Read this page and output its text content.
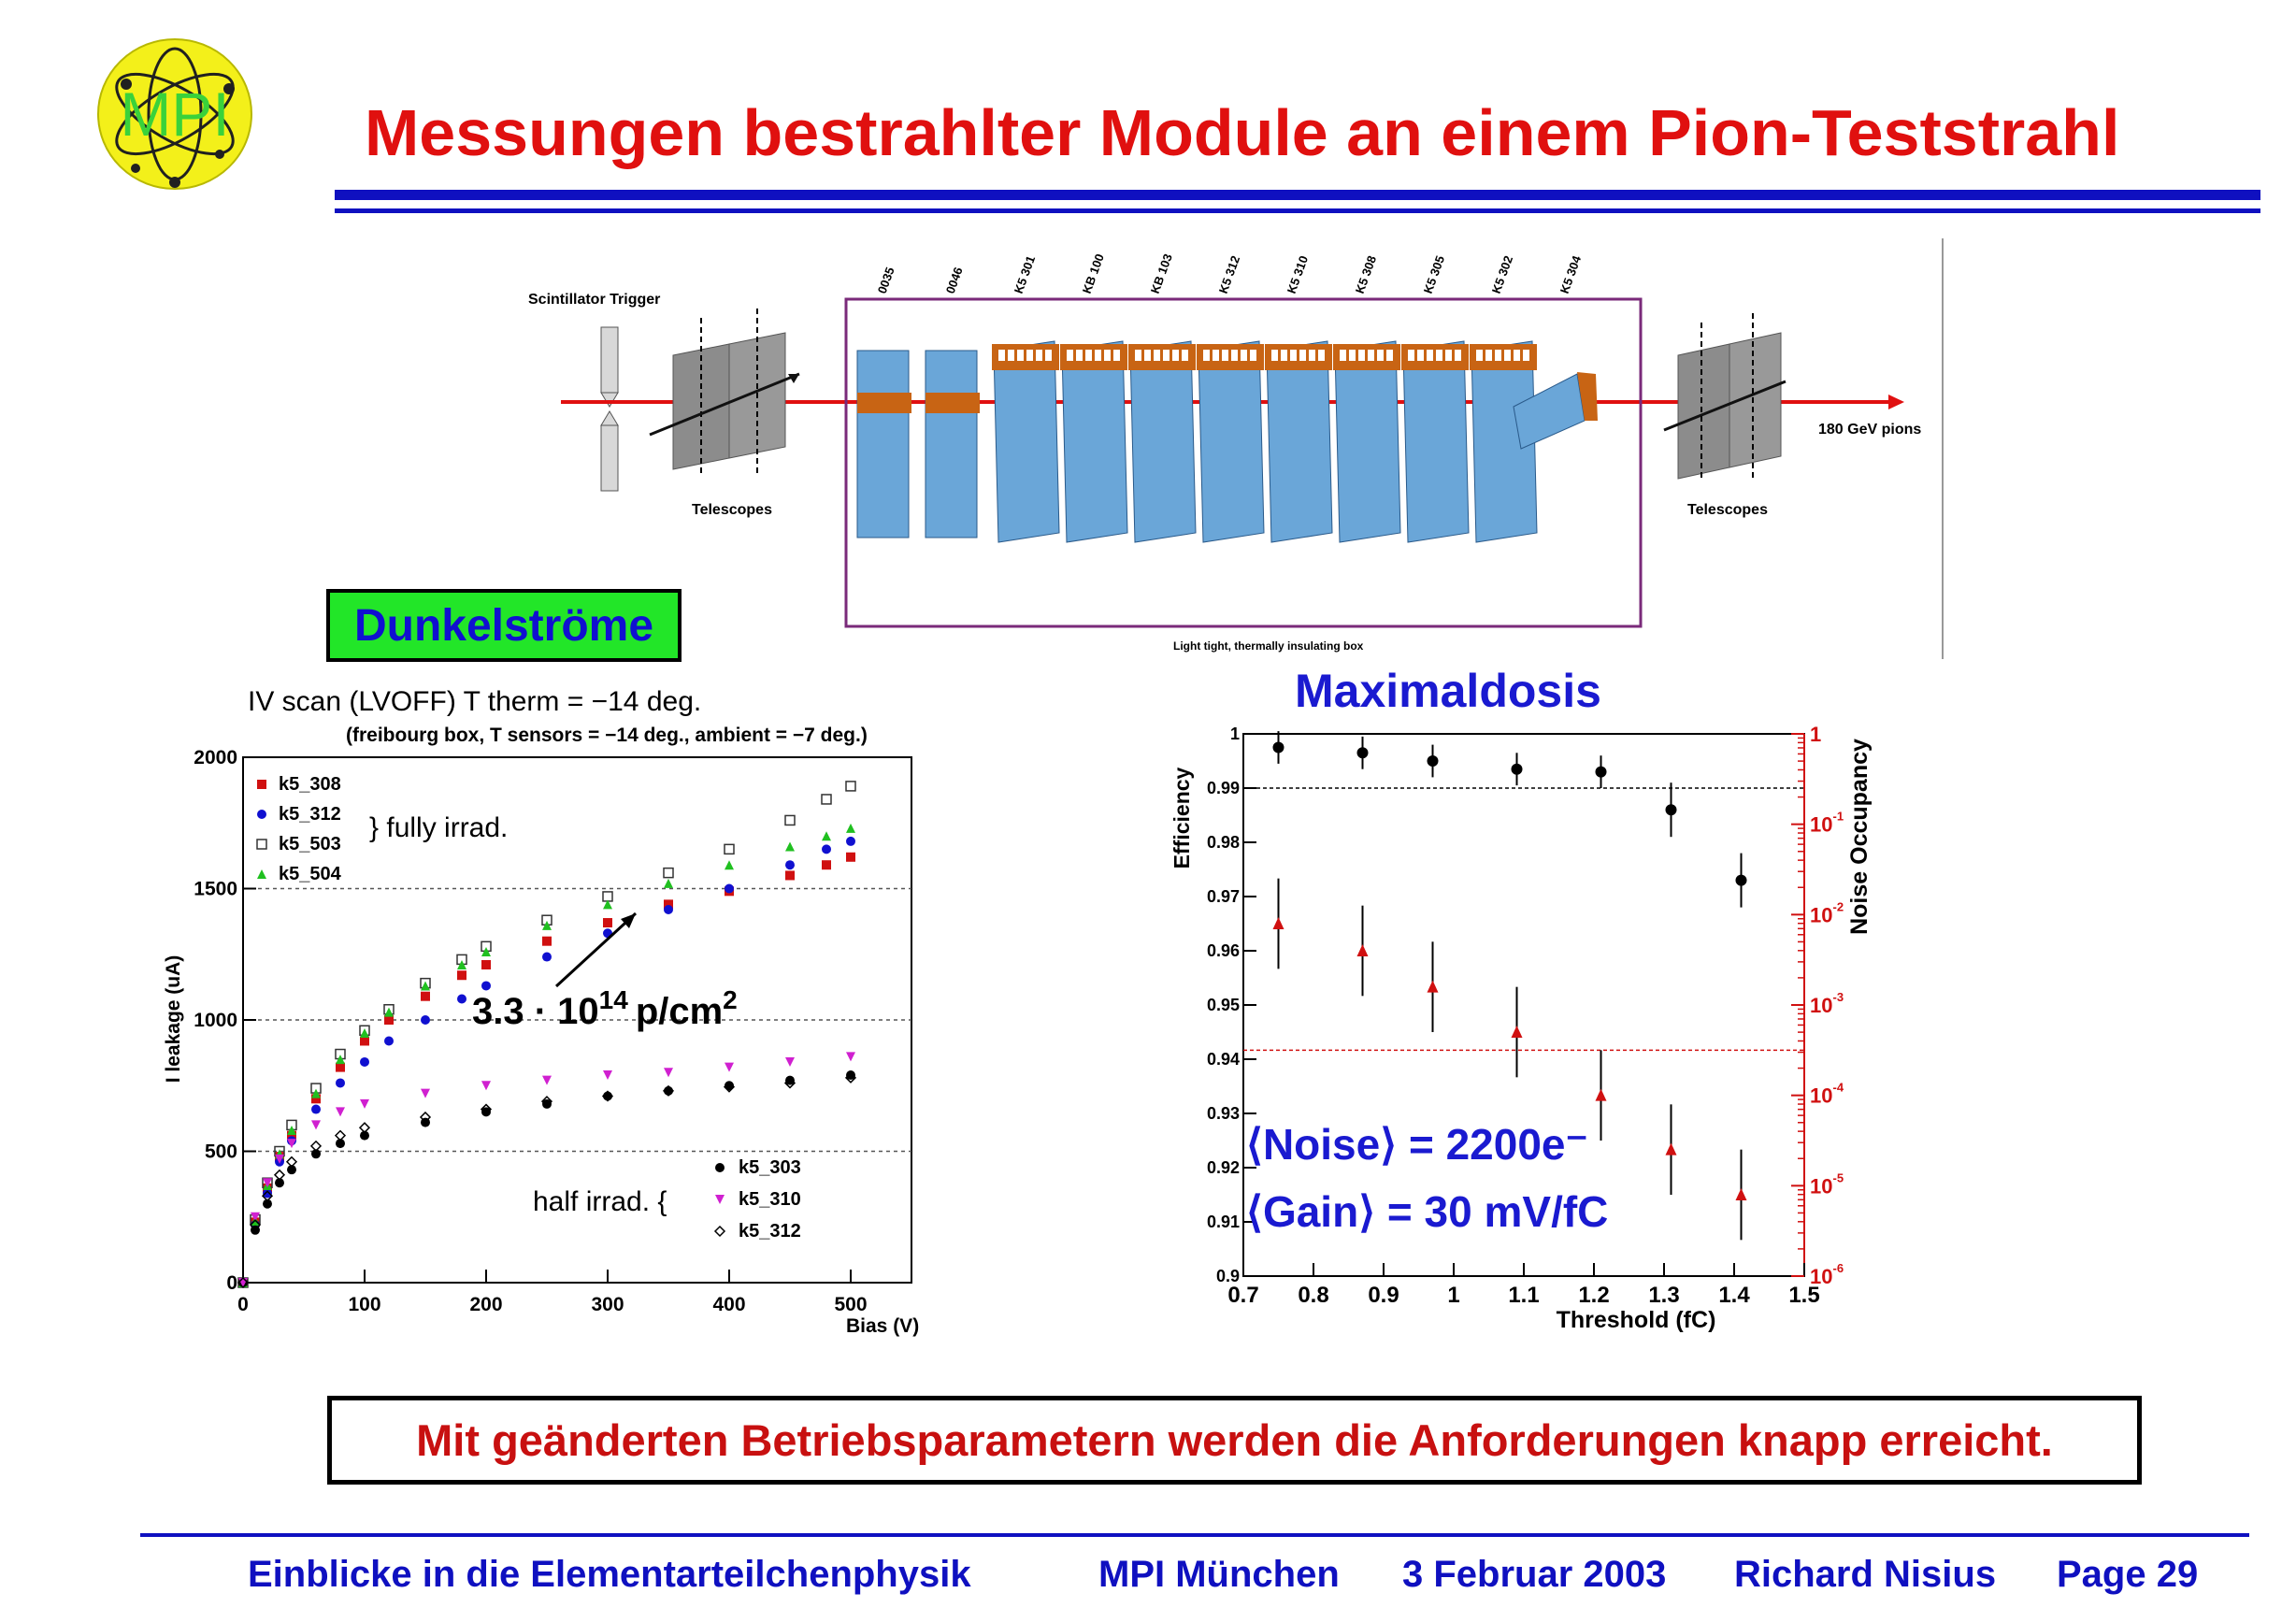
MPI Messungen bestrahlter Module an einem Pion-Teststrahl
Scintillator Trigger
180 GeV pions
Telescopes	Telescopes
Light tight, thermally insulating box
0035	0046	K5 301	KB 100	KB 103	K5 312	K5 310	K5 308	K5 305	K5 302	K5 304
Dunkelströme
Maximaldosis
IV scan (LVOFF) T therm = −14 deg.
(freibourg box, T sensors = −14 deg., ambient = −7 deg.)
0	100	200	300	400	500
0
500
1000
1500
2000
I leakage (uA)
Bias (V)
k5_308
k5_312
k5_503
k5_504
k5_303
k5_310
k5_312
} fully irrad.
half irrad. {
$3.3 \cdot 10^{14}$ $p/cm^2$
0.7 0.8 0.9 1 1.1 1.2 1.3 1.4 1.5
0.9
0.91
0.92
0.93
0.94
0.95
0.96
0.97
0.98
0.99
1
$10^{-6}$
$10^{-5}$
$10^{-4}$
$10^{-3}$
$10^{-2}$
$10^{-1}$
1
Efficiency	Noise Occupancy
Threshold (fC)
⟨Noise⟩ = 2200e⁻
⟨Gain⟩ = 30 mV/fC
Mit geänderten Betriebsparametern werden die Anforderungen knapp erreicht.
Einblicke in die Elementarteilchenphysik	MPI München 3 Februar 2003 Richard Nisius Page 29
